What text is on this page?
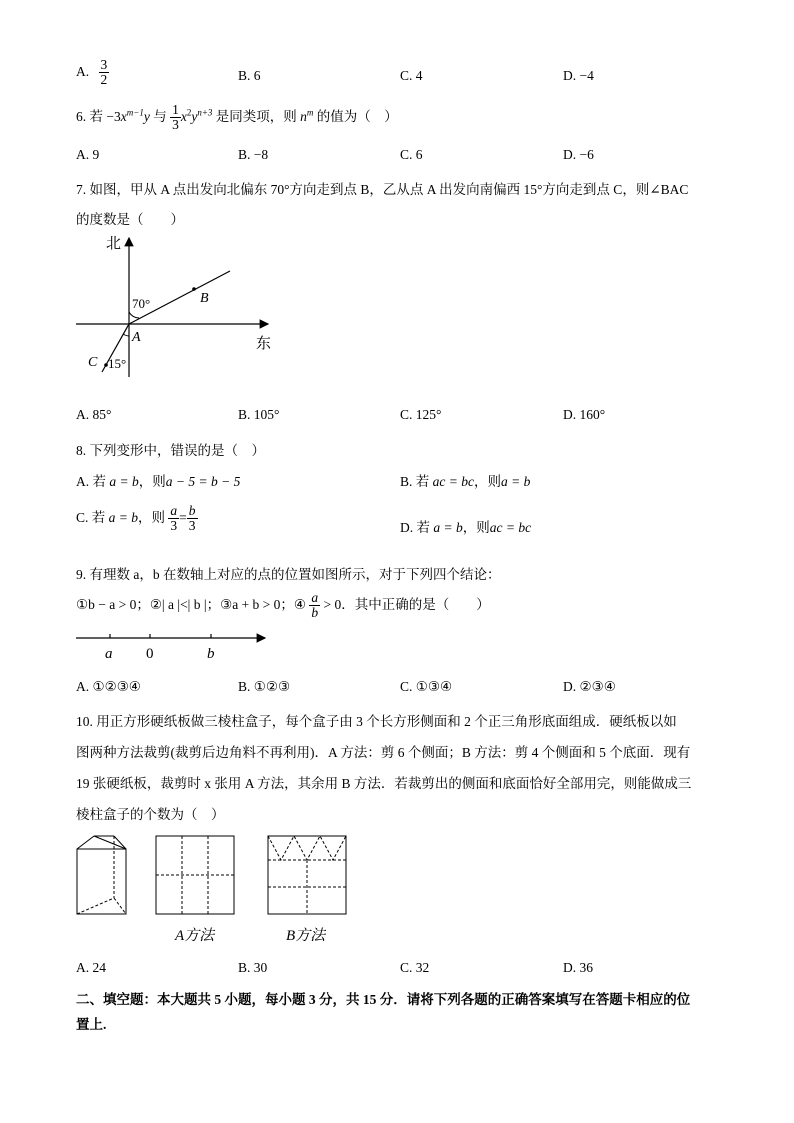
A. $\frac{3}{2}$	B. 6	C. 4	D. −4
6. 若 $-3x^{m-1}y$ 与 $\frac{1}{3} x^2y^{n+3}$ 是同类项，则 $n^m$ 的值为（　）
A. 9	B. −8	C. 6	D. −6
7. 如图，甲从 A 点出发向北偏东 70°方向走到点 B，乙从点 A 出发向南偏西 15°方向走到点 C，则∠BAC
的度数是（　　）
北
东
70°
15°
A
B
C
A. 85°	B. 105°	C. 125°	D. 160°
8. 下列变形中，错误的是（　）
A. 若 a = b，则a − 5 = b − 5	B. 若 ac = bc，则a = b
C. 若 a = b，则 $\frac{a}{3} = \frac{b}{3}$	D. 若 a = b，则ac = bc
9. 有理数 a，b 在数轴上对应的点的位置如图所示，对于下列四个结论：
①b − a > 0；②| a |<| b |；③a + b > 0；④ $\frac{a}{b} > 0$．其中正确的是（　　）
a 0	b
A. ①②③④	B. ①②③	C. ①③④	D. ②③④
10. 用正方形硬纸板做三棱柱盒子，每个盒子由 3 个长方形侧面和 2 个正三角形底面组成．硬纸板以如
图两种方法裁剪(裁剪后边角料不再利用)．A 方法：剪 6 个侧面；B 方法：剪 4 个侧面和 5 个底面．现有
19 张硬纸板，裁剪时 x 张用 A 方法，其余用 B 方法．若裁剪出的侧面和底面恰好全部用完，则能做成三
棱柱盒子的个数为（　）
A方法	B方法
A. 24	B. 30	C. 32	D. 36
二、填空题：本大题共 5 小题，每小题 3 分，共 15 分．请将下列各题的正确答案填写在答题卡相应的位
置上.
